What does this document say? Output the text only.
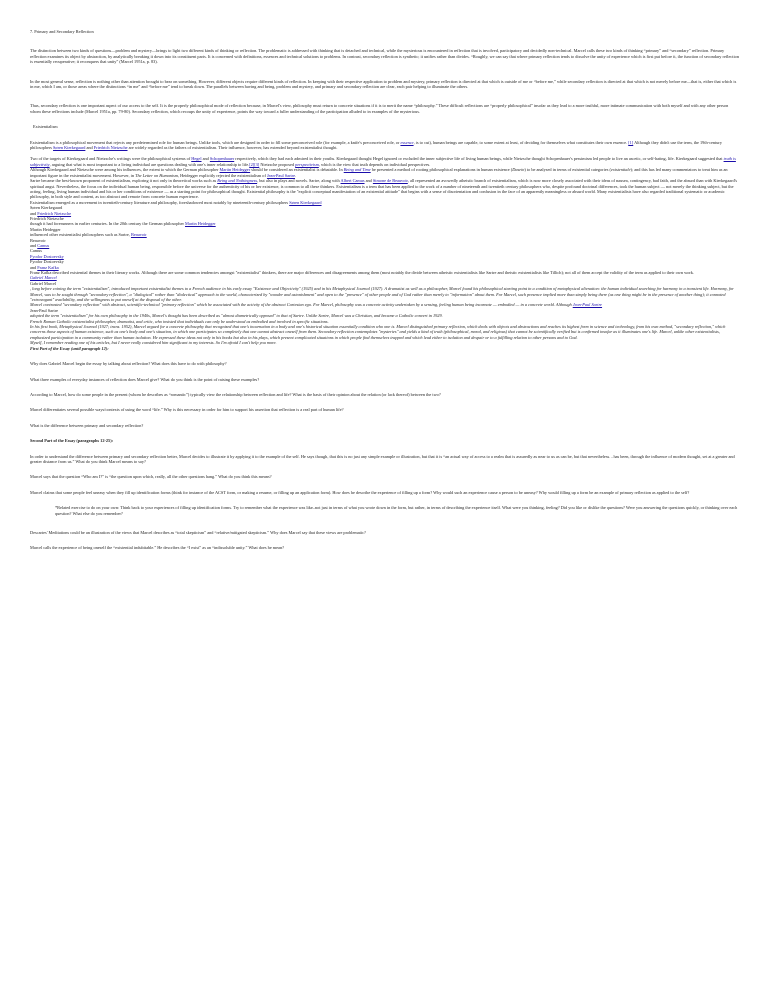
7. Primary and Secondary Reflection

The distinction between two kinds of questions—problem and mystery—brings to light two different kinds of thinking or reflection. The problematic is addressed with thinking that is detached and technical, while the mysterious is encountered in reflection that is involved, participatory and decidedly non-technical. Marcel calls these two kinds of thinking “primary” and “secondary” reflection. Primary reflection examines its object by abstraction, by analytically breaking it down into its constituent parts. It is concerned with definitions, essences and technical solutions to problems. In contrast, secondary reflection is synthetic; it unifies rather than divides. “Roughly, we can say that where primary reflection tends to dissolve the unity of experience which is first put before it, the function of secondary reflection is essentially recuperative; it reconquers that unity” (Marcel 1951a, p. 83).

In the most general sense, reflection is nothing other than attention brought to bear on something. However, different objects require different kinds of reflection. In keeping with their respective application to problem and mystery, primary reflection is directed at that which is outside of me or “before me,” while secondary reflection is directed at that which is not merely before me—that is, either that which is in me, which I am, or those areas where the distinctions “in me” and “before me” tend to break down. The parallels between having and being, problem and mystery, and primary and secondary reflection are clear, each pair helping to illuminate the others.

Thus, secondary reflection is one important aspect of our access to the self. It is the properly philosophical mode of reflection because, in Marcel's view, philosophy must return to concrete situations if it is to merit the name “philosophy.” These difficult reflections are “properly philosophical” insofar as they lead to a more truthful, more intimate communication with both myself and with any other person whom these reflections include (Marcel 1951a, pp. 79-80). Secondary reflection, which recoups the unity of experience, points the way toward a fuller understanding of the participation alluded to in examples of the mysterious.

Existentialism

Existentialism is a philosophical movement that rejects any predetermined role for human beings. Unlike tools, which are designed in order to fill some preconceived role (for example, a knife's preconceived role, or essence, is to cut), human beings are capable, to some extent at least, of deciding for themselves what constitutes their own essence. [1] Although they didn't use the term, the 19th-century philosophers Søren Kierkegaard and Friedrich Nietzsche are widely regarded as the fathers of existentialism. Their influence, however, has extended beyond existentialist thought.

Two of the targets of Kierkegaard and Nietzsche's writings were the philosophical systems of Hegel and Schopenhauer respectively, which they had each admired in their youths. Kierkegaard thought Hegel ignored or excluded the inner subjective life of living human beings, while Nietzsche thought Schopenhauer's pessimism led people to live an ascetic, or self-hating, life. Kierkegaard suggested that truth is subjectivity, arguing that what is most important to a living individual are questions dealing with one's inner relationship to life.[2][3] Nietzsche proposed perspectivism, which is the view that truth depends on individual perspectives.

Although Kierkegaard and Nietzsche were among his influences, the extent to which the German philosopher Martin Heidegger should be considered an existentialist is debatable. In Being and Time he presented a method of rooting philosophical explanations in human existence (Dasein) to be analysed in terms of existential categories (existentiale); and this has led many commentators to treat him as an important figure in the existentialist movement. However, in The Letter on Humanism, Heidegger explicitly rejected the existentialism of Jean-Paul Sartre.

Sartre became the best-known proponent of existentialism, exploring it not only in theoretical works such as Being and Nothingness, but also in plays and novels. Sartre, along with Albert Camus and Simone de Beauvoir, all represented an avowedly atheistic branch of existentialism, which is now more closely associated with their ideas of nausea, contingency, bad faith, and the absurd than with Kierkegaard's spiritual angst. Nevertheless, the focus on the individual human being, responsible before the universe for the authenticity of his or her existence, is common to all these thinkers. Existentialism is a term that has been applied to the work of a number of nineteenth and twentieth century philosophers who, despite profound doctrinal differences, took the human subject — not merely the thinking subject, but the acting, feeling, living human individual and his or her conditions of existence — as a starting point for philosophical thought. Existential philosophy is the "explicit conceptual manifestation of an existential attitude" that begins with a sense of disorientation and confusion in the face of an apparently meaningless or absurd world. Many existentialists have also regarded traditional systematic or academic philosophy, in both style and content, as too abstract and remote from concrete human experience.

Existentialism emerged as a movement in twentieth-century literature and philosophy, foreshadowed most notably by nineteenth-century philosophers Søren Kierkegaard

Søren Kierkegaard

and Friedrich Nietzsche

Friedrich Nietzsche

though it had forerunners in earlier centuries. In the 20th century the German philosopher Martin Heidegger

Martin Heidegger

influenced other existentialist philosophers such as Sartre, Beauvoir

Beauvoir

and Camus

Camus

Fyodor Dostoevsky

Fyodor Dostoevsky

and Franz Kafka

Franz Kafka described existential themes in their literary works. Although there are some common tendencies amongst "existentialist" thinkers, there are major differences and disagreements among them (most notably the divide between atheistic existentialists like Sartre and theistic existentialists like Tillich); not all of them accept the validity of the term as applied to their own work.

Gabriel Marcel

Gabriel Marcel

, long before coining the term "existentialism", introduced important existentialist themes to a French audience in his early essay "Existence and Objectivity" (1925) and in his Metaphysical Journal (1927). A dramatist as well as a philosopher, Marcel found his philosophical starting point in a condition of metaphysical alienation: the human individual searching for harmony in a transient life. Harmony, for Marcel, was to be sought through "secondary reflection", a "dialogical" rather than "dialectical" approach to the world, characterized by "wonder and astonishment" and open to the "presence" of other people and of God rather than merely to "information" about them. For Marcel, such presence implied more than simply being there (as one thing might be in the presence of another thing); it connoted "extravagant" availability, and the willingness to put oneself at the disposal of the other.

Marcel contrasted "secondary reflection" with abstract, scientific-technical "primary reflection" which he associated with the activity of the abstract Cartesian ego. For Marcel, philosophy was a concrete activity undertaken by a sensing, feeling human being incarnate — embodied — in a concrete world. Although Jean-Paul Sartre

Jean-Paul Sartre

adopted the term "existentialism" for his own philosophy in the 1940s, Marcel's thought has been described as "almost diametrically opposed" to that of Sartre. Unlike Sartre, Marcel was a Christian, and became a Catholic convert in 1929.

French Roman Catholic existentialist philosopher, dramatist, and critic, who insisted that individuals can only be understood as embodied and involved in specific situations.

In his first book, Metaphysical Journal (1927; trans. 1952), Marcel argued for a concrete philosophy that recognized that one's incarnation in a body and one's historical situation essentially condition who one is. Marcel distinguished primary reflection, which deals with objects and abstractions and reaches its highest form in science and technology, from his own method, "secondary reflection," which concerns those aspects of human existence, such as one's body and one's situation, in which one participates so completely that one cannot abstract oneself from them. Secondary reflection contemplates "mysteries" and yields a kind of truth (philosophical, moral, and religious) that cannot be scientifically verified but is confirmed insofar as it illuminates one's life. Marcel, unlike other existentialists, emphasized participation in a community rather than human isolation. He expressed these ideas not only in his books but also in his plays, which present complicated situations in which people find themselves trapped and which lead either to isolation and despair or to a fulfilling relation to other persons and to God.

Myself, I remember reading one of his articles, but I never really considered him significant to my interests. So I'm afraid I can't help you more.

First Part of the Essay (until paragraph 12):

Why does Gabriel Marcel begin the essay by talking about reflection? What does this have to do with philosophy?

What three examples of everyday instances of reflection does Marcel give? What do you think is the point of raising these examples?

According to Marcel, how do some people in the present (whom he describes as “romantic”) typically view the relationship between reflection and life? What is the basis of their opinion about the relation (or lack thereof) between the two?

Marcel differentiates several possible ways/contexts of using the word “life.” Why is this necessary in order for him to support his assertion that reflection is a real part of human life?

What is the difference between primary and secondary reflection?

Second Part of the Essay (paragraphs 12-25):

In order to understand the difference between primary and secondary reflection better, Marcel decides to illustrate it by applying it to the example of the self. He says though, that this is no just any simple example or illustration, but that it is “an actual way of access to a realm that is assuredly as near to us as can be, but that nevertheless…has been, through the influence of modern thought, set at a greater and greater distance from us.” What do you think Marcel means to say?

Marcel says that the question “Who am I?” is “the question upon which, really, all the other questions hang.” What do you think this means?

Marcel claims that some people feel uneasy when they fill up identification forms (think for instance of the ACST form, or making a resume, or filling up an application form). How does he describe the experience of filling up a form? Why would such an experience cause a person to be uneasy? Why would filling up a form be an example of primary reflection as applied to the self?

*Related exercise to do on your own: Think back to your experiences of filling up identification forms. Try to remember what the experience was like–not just in terms of what you wrote down in the form, but rather, in terms of describing the experience itself. What were you thinking, feeling? Did you like or dislike the questions? Were you answering the questions quickly, or thinking over each question? What else do you remember?

Descartes' Meditations could be an illustration of the views that Marcel describes as “total skepticism” and “relative/mitigated skepticism.” Why does Marcel say that these views are problematic?

Marcel calls the experience of being oneself the “existential indubitable.” He describes the “I exist” as an “indissoluble unity.” What does he mean?
